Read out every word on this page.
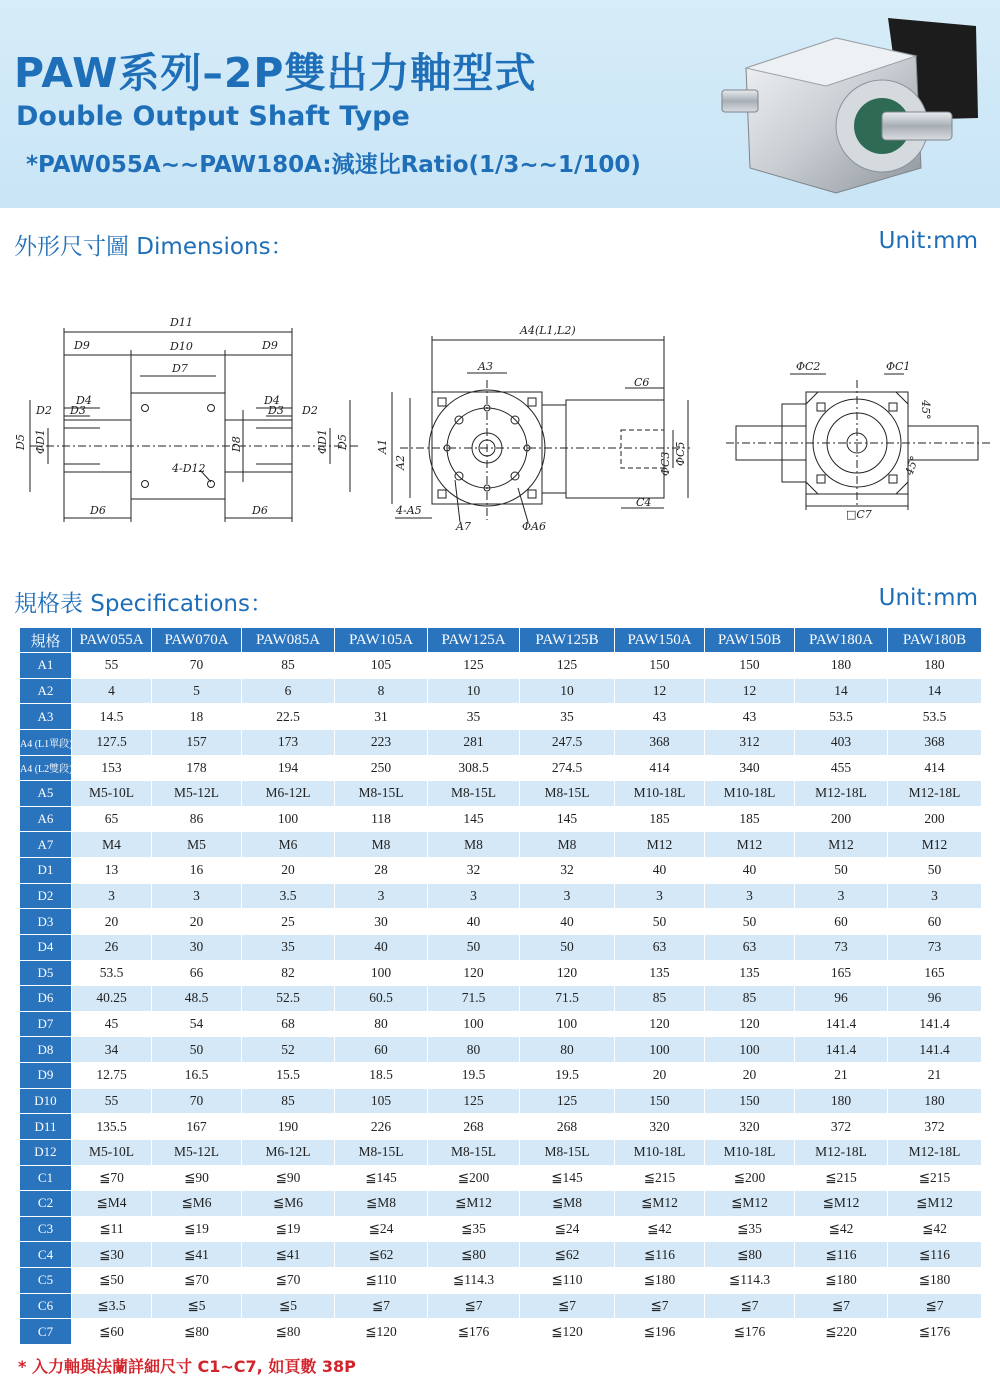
PAW系列–2P雙出力軸型式
Double Output Shaft Type
*PAW055A~~PAW180A:減速比Ratio(1/3~~1/100)
外形尺寸圖 Dimensions：	Unit:mm
D11
D9	D10	D9
D7
D4
D3
D2
D4
D3 D2
D5 ΦD1	D8	ΦD1 D5
4-D12
D6	D6
A4(L1,L2)
A3
C6
A1
A2	ΦC3 ΦC5
4-A5
A7	ΦA6
C4
ΦC2	ΦC1
45°
45°
□C7
規格表 Specifications：	Unit:mm
規格	PAW055A	PAW070A	PAW085A	PAW105A	PAW125A	PAW125B	PAW150A	PAW150B	PAW180A	PAW180B
A1	55	70	85	105	125	125	150	150	180	180
A2	4	5	6	8	10	10	12	12	14	14
A3	14.5	18	22.5	31	35	35	43	43	53.5	53.5
A4 (L1單段)	127.5	157	173	223	281	247.5	368	312	403	368
A4 (L2雙段)	153	178	194	250	308.5	274.5	414	340	455	414
A5	M5-10L	M5-12L	M6-12L	M8-15L	M8-15L	M8-15L	M10-18L	M10-18L	M12-18L	M12-18L
A6	65	86	100	118	145	145	185	185	200	200
A7	M4	M5	M6	M8	M8	M8	M12	M12	M12	M12
D1	13	16	20	28	32	32	40	40	50	50
D2	3	3	3.5	3	3	3	3	3	3	3
D3	20	20	25	30	40	40	50	50	60	60
D4	26	30	35	40	50	50	63	63	73	73
D5	53.5	66	82	100	120	120	135	135	165	165
D6	40.25	48.5	52.5	60.5	71.5	71.5	85	85	96	96
D7	45	54	68	80	100	100	120	120	141.4	141.4
D8	34	50	52	60	80	80	100	100	141.4	141.4
D9	12.75	16.5	15.5	18.5	19.5	19.5	20	20	21	21
D10	55	70	85	105	125	125	150	150	180	180
D11	135.5	167	190	226	268	268	320	320	372	372
D12	M5-10L	M5-12L	M6-12L	M8-15L	M8-15L	M8-15L	M10-18L	M10-18L	M12-18L	M12-18L
C1	≦70	≦90	≦90	≦145	≦200	≦145	≦215	≦200	≦215	≦215
C2	≦M4	≦M6	≦M6	≦M8	≦M12	≦M8	≦M12	≦M12	≦M12	≦M12
C3	≦11	≦19	≦19	≦24	≦35	≦24	≦42	≦35	≦42	≦42
C4	≦30	≦41	≦41	≦62	≦80	≦62	≦116	≦80	≦116	≦116
C5	≦50	≦70	≦70	≦110	≦114.3	≦110	≦180	≦114.3	≦180	≦180
C6	≦3.5	≦5	≦5	≦7	≦7	≦7	≦7	≦7	≦7	≦7
C7	≦60	≦80	≦80	≦120	≦176	≦120	≦196	≦176	≦220	≦176
* 入力軸與法蘭詳細尺寸 C1~C7, 如頁數 38P
